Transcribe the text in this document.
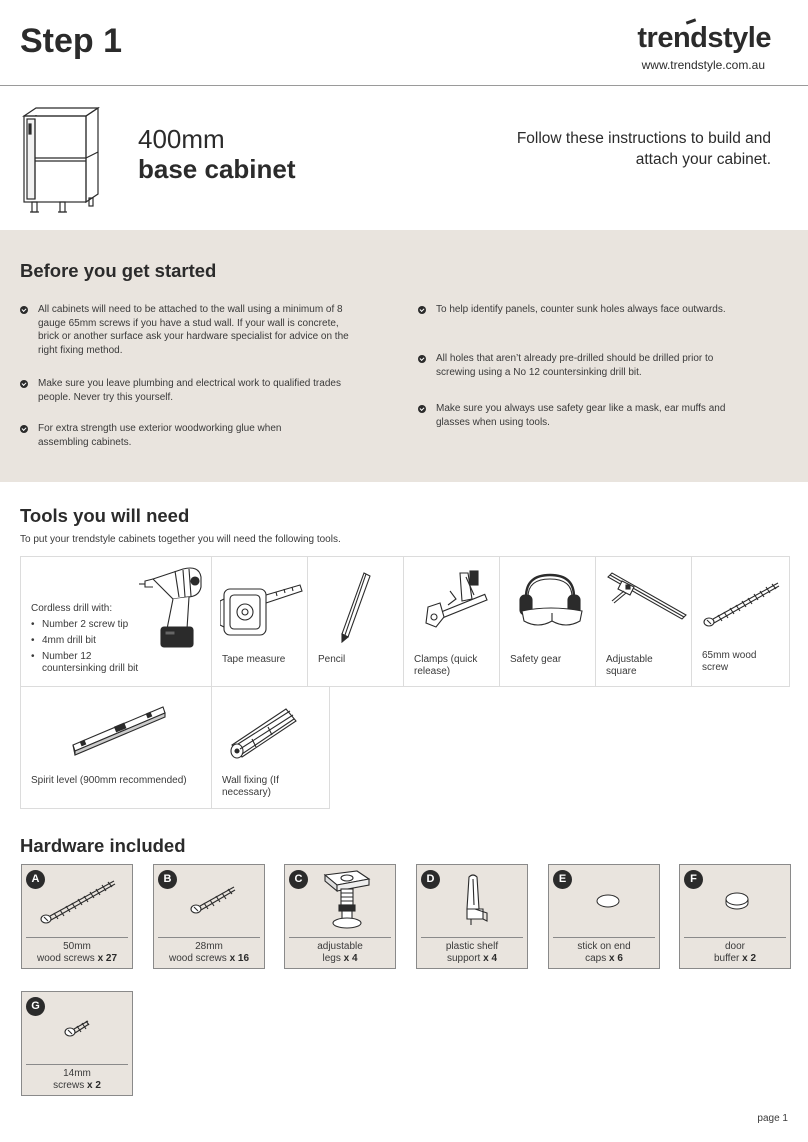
Step 1	trendstyle
www.trendstyle.com.au
400mm
base cabinet
Follow these instructions to build and attach your cabinet.
Before you get started
All cabinets will need to be attached to the wall using a minimum of 8 gauge 65mm screws if you have a stud wall. If your wall is concrete, brick or another surface ask your hardware specialist for advice on the right fixing method.
Make sure you leave plumbing and electrical work to qualified trades people. Never try this yourself.
For extra strength use exterior woodworking glue when assembling cabinets.
To help identify panels, counter sunk holes always face outwards.
All holes that aren’t already pre-drilled should be drilled prior to screwing using a No 12 countersinking drill bit.
Make sure you always use safety gear like a mask, ear muffs and glasses when using tools.
Tools you will need
To put your trendstyle cabinets together you will need the following tools.
Cordless drill with:
• Number 2 screw tip
• 4mm drill bit
• Number 12 countersinking drill bit
Tape measure	Pencil	Clamps (quick release)
Safety gear	Adjustable square
65mm wood screw
Spirit level (900mm recommended)	Wall fixing (If necessary)
Hardware included
A
50mm
wood screws x 27
B
28mm
wood screws x 16
C
adjustable
legs x 4
D
plastic shelf
support x 4
E
stick on end
caps x 6
F
door
buffer x 2
G
14mm
screws x 2
page 1
